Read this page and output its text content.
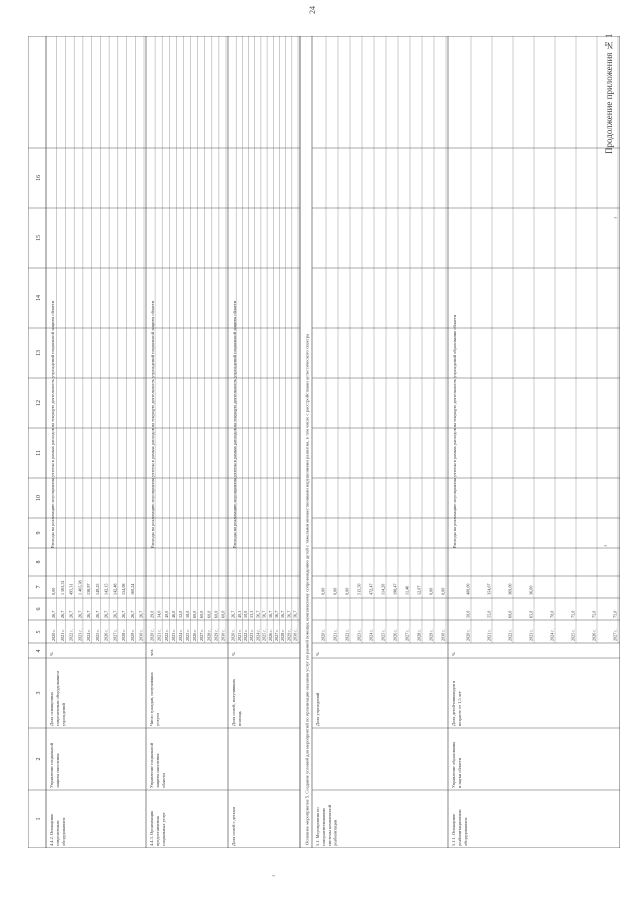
24
Продолжение приложения № 1
-
-
-
1
2
3
4
5
6
7
8
9
10
11
12
13
14
15
16
2020 г.
26,7
0,00
2021 г.
26,7
1 563,31
2022 г.
26,7
495,31
2023 г.
26,7
1 465,38
2024 г.
26,7
138,97
2025 г.
26,7
149,25
2026 г.
26,7
142,15
2027 г.
26,7
142,48
2028 г.
26,7
154,08
2029 г.
26,7
160,24
2030 г.
26,7
4.4.2. Оснащение современным оборудованием
Управление социальной защиты населения
Доля оснащенных современным оборудованием учреждений
%
Расходы на реализацию мероприятия учтены в рамках расходов на текущую деятельность учреждений социальной защиты области
2020 г.
29,0
2021 г.
34,0
2022 г.
40,0
2023 г.
46,0
2024 г.
52,0
2025 г.
58,0
2026 г.
60,0
2027 г.
60,0
2028 г.
60,0
2029 г.
60,0
2030 г.
60,0
4.4.3. Организация предоставления социальных услуг
Управление социальной защиты населения области
Число граждан, получивших услуги
чел.
Расходы на реализацию мероприятия учтены в рамках расходов на текущую деятельность учреждений социальной защиты области
2020 г.
26,7
2021 г.
40,3
2022 г.
50,0
2023 г.
53,3
2024 г.
56,7
2025 г.
56,7
2026 г.
56,7
2027 г.
56,7
2028 г.
56,7
2029 г.
56,7
2030 г.
56,7
Доля семей с детьми
Доля семей, получивших помощь
%
Расходы на реализацию мероприятия учтены в рамках расходов на текущую деятельность учреждений социальной защиты области	Основное мероприятие 5. Создание условий для мероприятий по организации оказания услуг по ранней помощи, комплексному сопровождению детей с тяжелыми множественными нарушениями развития, в том числе с расстройствами аутистического спектра	2020 г.
0,00
2021 г.
0,00
2022 г.
0,00
2023 г.
515,50
2024 г.
472,47
2025 г.
114,20
2026 г.
198,47
2027 г.
11,46
2028 г.
12,07
2029 г.
0,00
2030 г.
0,00
5.1. Мероприятия по совершенствованию системы комплексной реабилитации
Доля учреждений
%
2020 г.
50,0
400,00
2021 г.
55,0
354,07
2022 г.
60,0
369,00
2023 г.
65,0
36,00
2024 г.
70,0
2025 г.
75,0
2026 г.
75,0
2027 г.
75,0
5.1.1. Оснащение реабилитационным оборудованием
Управление образования и науки области
Доля детей-инвалидов в возрасте от 1,5 лет
%
Расходы на реализацию мероприятия учтены в рамках расходов на текущую деятельность учреждений образования области
